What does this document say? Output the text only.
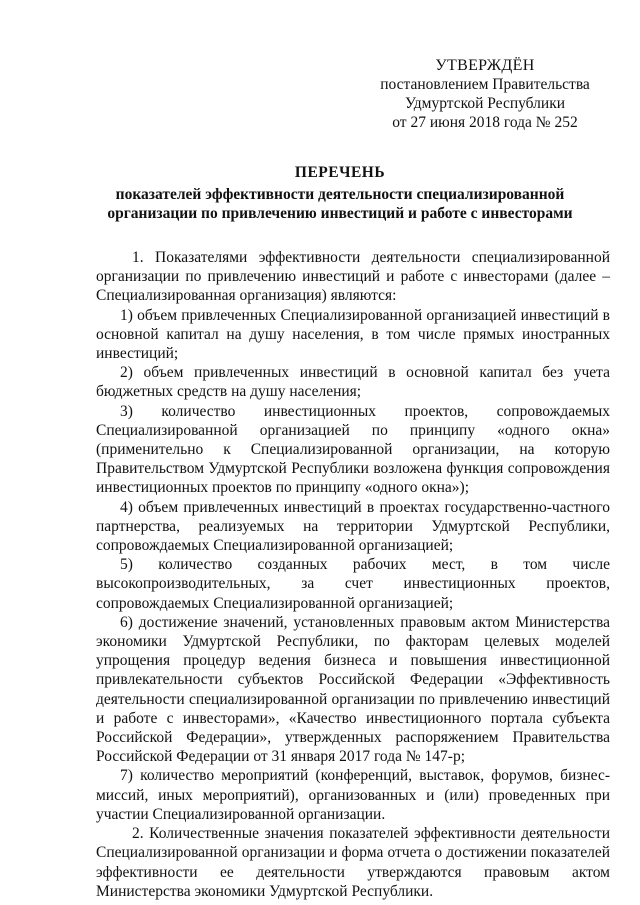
УТВЕРЖДЁН
постановлением Правительства
Удмуртской Республики
от 27 июня 2018 года № 252
ПЕРЕЧЕНЬ
показателей эффективности деятельности специализированной
организации по привлечению инвестиций и работе с инвесторами

1. Показателями эффективности деятельности специализированной организации по привлечению инвестиций и работе с инвесторами (далее – Специализированная организация) являются:

1) объем привлеченных Специализированной организацией инвестиций в основной капитал на душу населения, в том числе прямых иностранных инвестиций;

2) объем привлеченных инвестиций в основной капитал без учета бюджетных средств на душу населения;

3) количество инвестиционных проектов, сопровождаемых Специализированной организацией по принципу «одного окна» (применительно к Специализированной организации, на которую Правительством Удмуртской Республики возложена функция сопровождения инвестиционных проектов по принципу «одного окна»);

4) объем привлеченных инвестиций в проектах государственно-частного партнерства, реализуемых на территории Удмуртской Республики, сопровождаемых Специализированной организацией;

5) количество созданных рабочих мест, в том числе высокопроизводительных, за счет инвестиционных проектов, сопровождаемых Специализированной организацией;

6) достижение значений, установленных правовым актом Министерства экономики Удмуртской Республики, по факторам целевых моделей упрощения процедур ведения бизнеса и повышения инвестиционной привлекательности субъектов Российской Федерации «Эффективность деятельности специализированной организации по привлечению инвестиций и работе с инвесторами», «Качество инвестиционного портала субъекта Российской Федерации», утвержденных распоряжением Правительства Российской Федерации от 31 января 2017 года № 147-р;

7) количество мероприятий (конференций, выставок, форумов, бизнес-миссий, иных мероприятий), организованных и (или) проведенных при участии Специализированной организации.

2. Количественные значения показателей эффективности деятельности Специализированной организации и форма отчета о достижении показателей эффективности ее деятельности утверждаются правовым актом Министерства экономики Удмуртской Республики.
